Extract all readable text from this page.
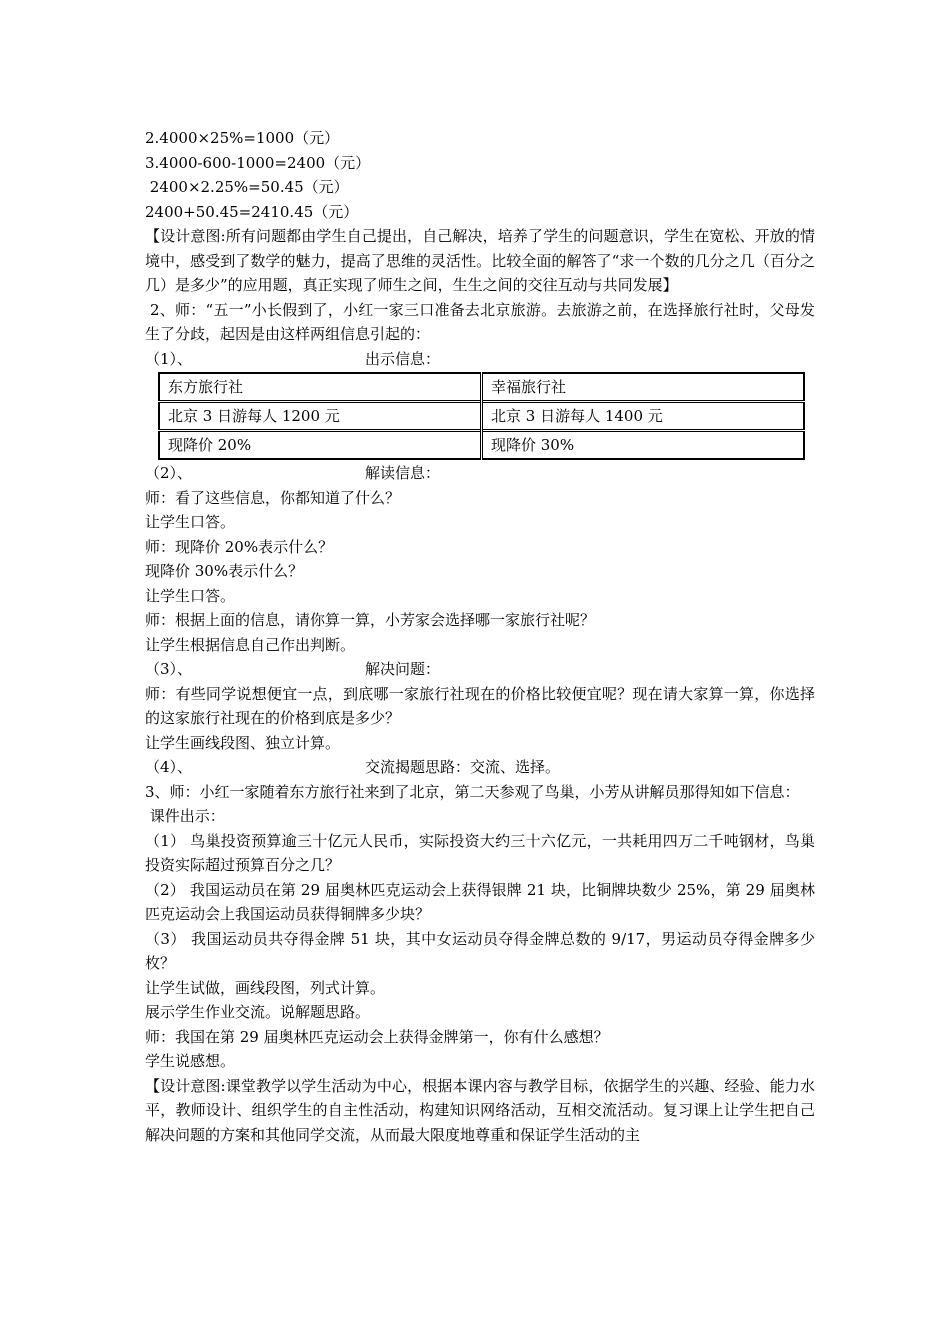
2.4000×25%=1000（元）
3.4000-600-1000=2400（元）
2400×2.25%=50.45（元）
2400+50.45=2410.45（元）
【设计意图:所有问题都由学生自己提出，自己解决，培养了学生的问题意识，学生在宽松、开放的情境中，感受到了数学的魅力，提高了思维的灵活性。比较全面的解答了“求一个数的几分之几（百分之几）是多少”的应用题，真正实现了师生之间，生生之间的交往互动与共同发展】
2、师：“五一”小长假到了，小红一家三口准备去北京旅游。去旅游之前，在选择旅行社时，父母发生了分歧，起因是由这样两组信息引起的：
（1）、	出示信息：
东方旅行社	幸福旅行社
北京 3 日游每人 1200 元	北京 3 日游每人 1400 元
现降价 20%	现降价 30%
（2）、	解读信息：
师：看了这些信息，你都知道了什么？
让学生口答。
师：现降价 20%表示什么？
现降价 30%表示什么？
让学生口答。
师：根据上面的信息，请你算一算，小芳家会选择哪一家旅行社呢？
让学生根据信息自己作出判断。
（3）、	解决问题：
师：有些同学说想便宜一点，到底哪一家旅行社现在的价格比较便宜呢？现在请大家算一算，你选择的这家旅行社现在的价格到底是多少？
让学生画线段图、独立计算。
（4）、	交流揭题思路：交流、选择。
3、师：小红一家随着东方旅行社来到了北京，第二天参观了鸟巢，小芳从讲解员那得知如下信息：
课件出示：
（1） 鸟巢投资预算逾三十亿元人民币，实际投资大约三十六亿元，一共耗用四万二千吨钢材，鸟巢投资实际超过预算百分之几？
（2） 我国运动员在第 29 届奥林匹克运动会上获得银牌 21 块，比铜牌块数少 25%，第 29 届奥林匹克运动会上我国运动员获得铜牌多少块？
（3） 我国运动员共夺得金牌 51 块，其中女运动员夺得金牌总数的 9/17，男运动员夺得金牌多少枚？
让学生试做，画线段图，列式计算。
展示学生作业交流。说解题思路。
师：我国在第 29 届奥林匹克运动会上获得金牌第一，你有什么感想？
学生说感想。
【设计意图:课堂教学以学生活动为中心，根据本课内容与教学目标，依据学生的兴趣、经验、能力水平，教师设计、组织学生的自主性活动，构建知识网络活动，互相交流活动。复习课上让学生把自己解决问题的方案和其他同学交流，从而最大限度地尊重和保证学生活动的主
